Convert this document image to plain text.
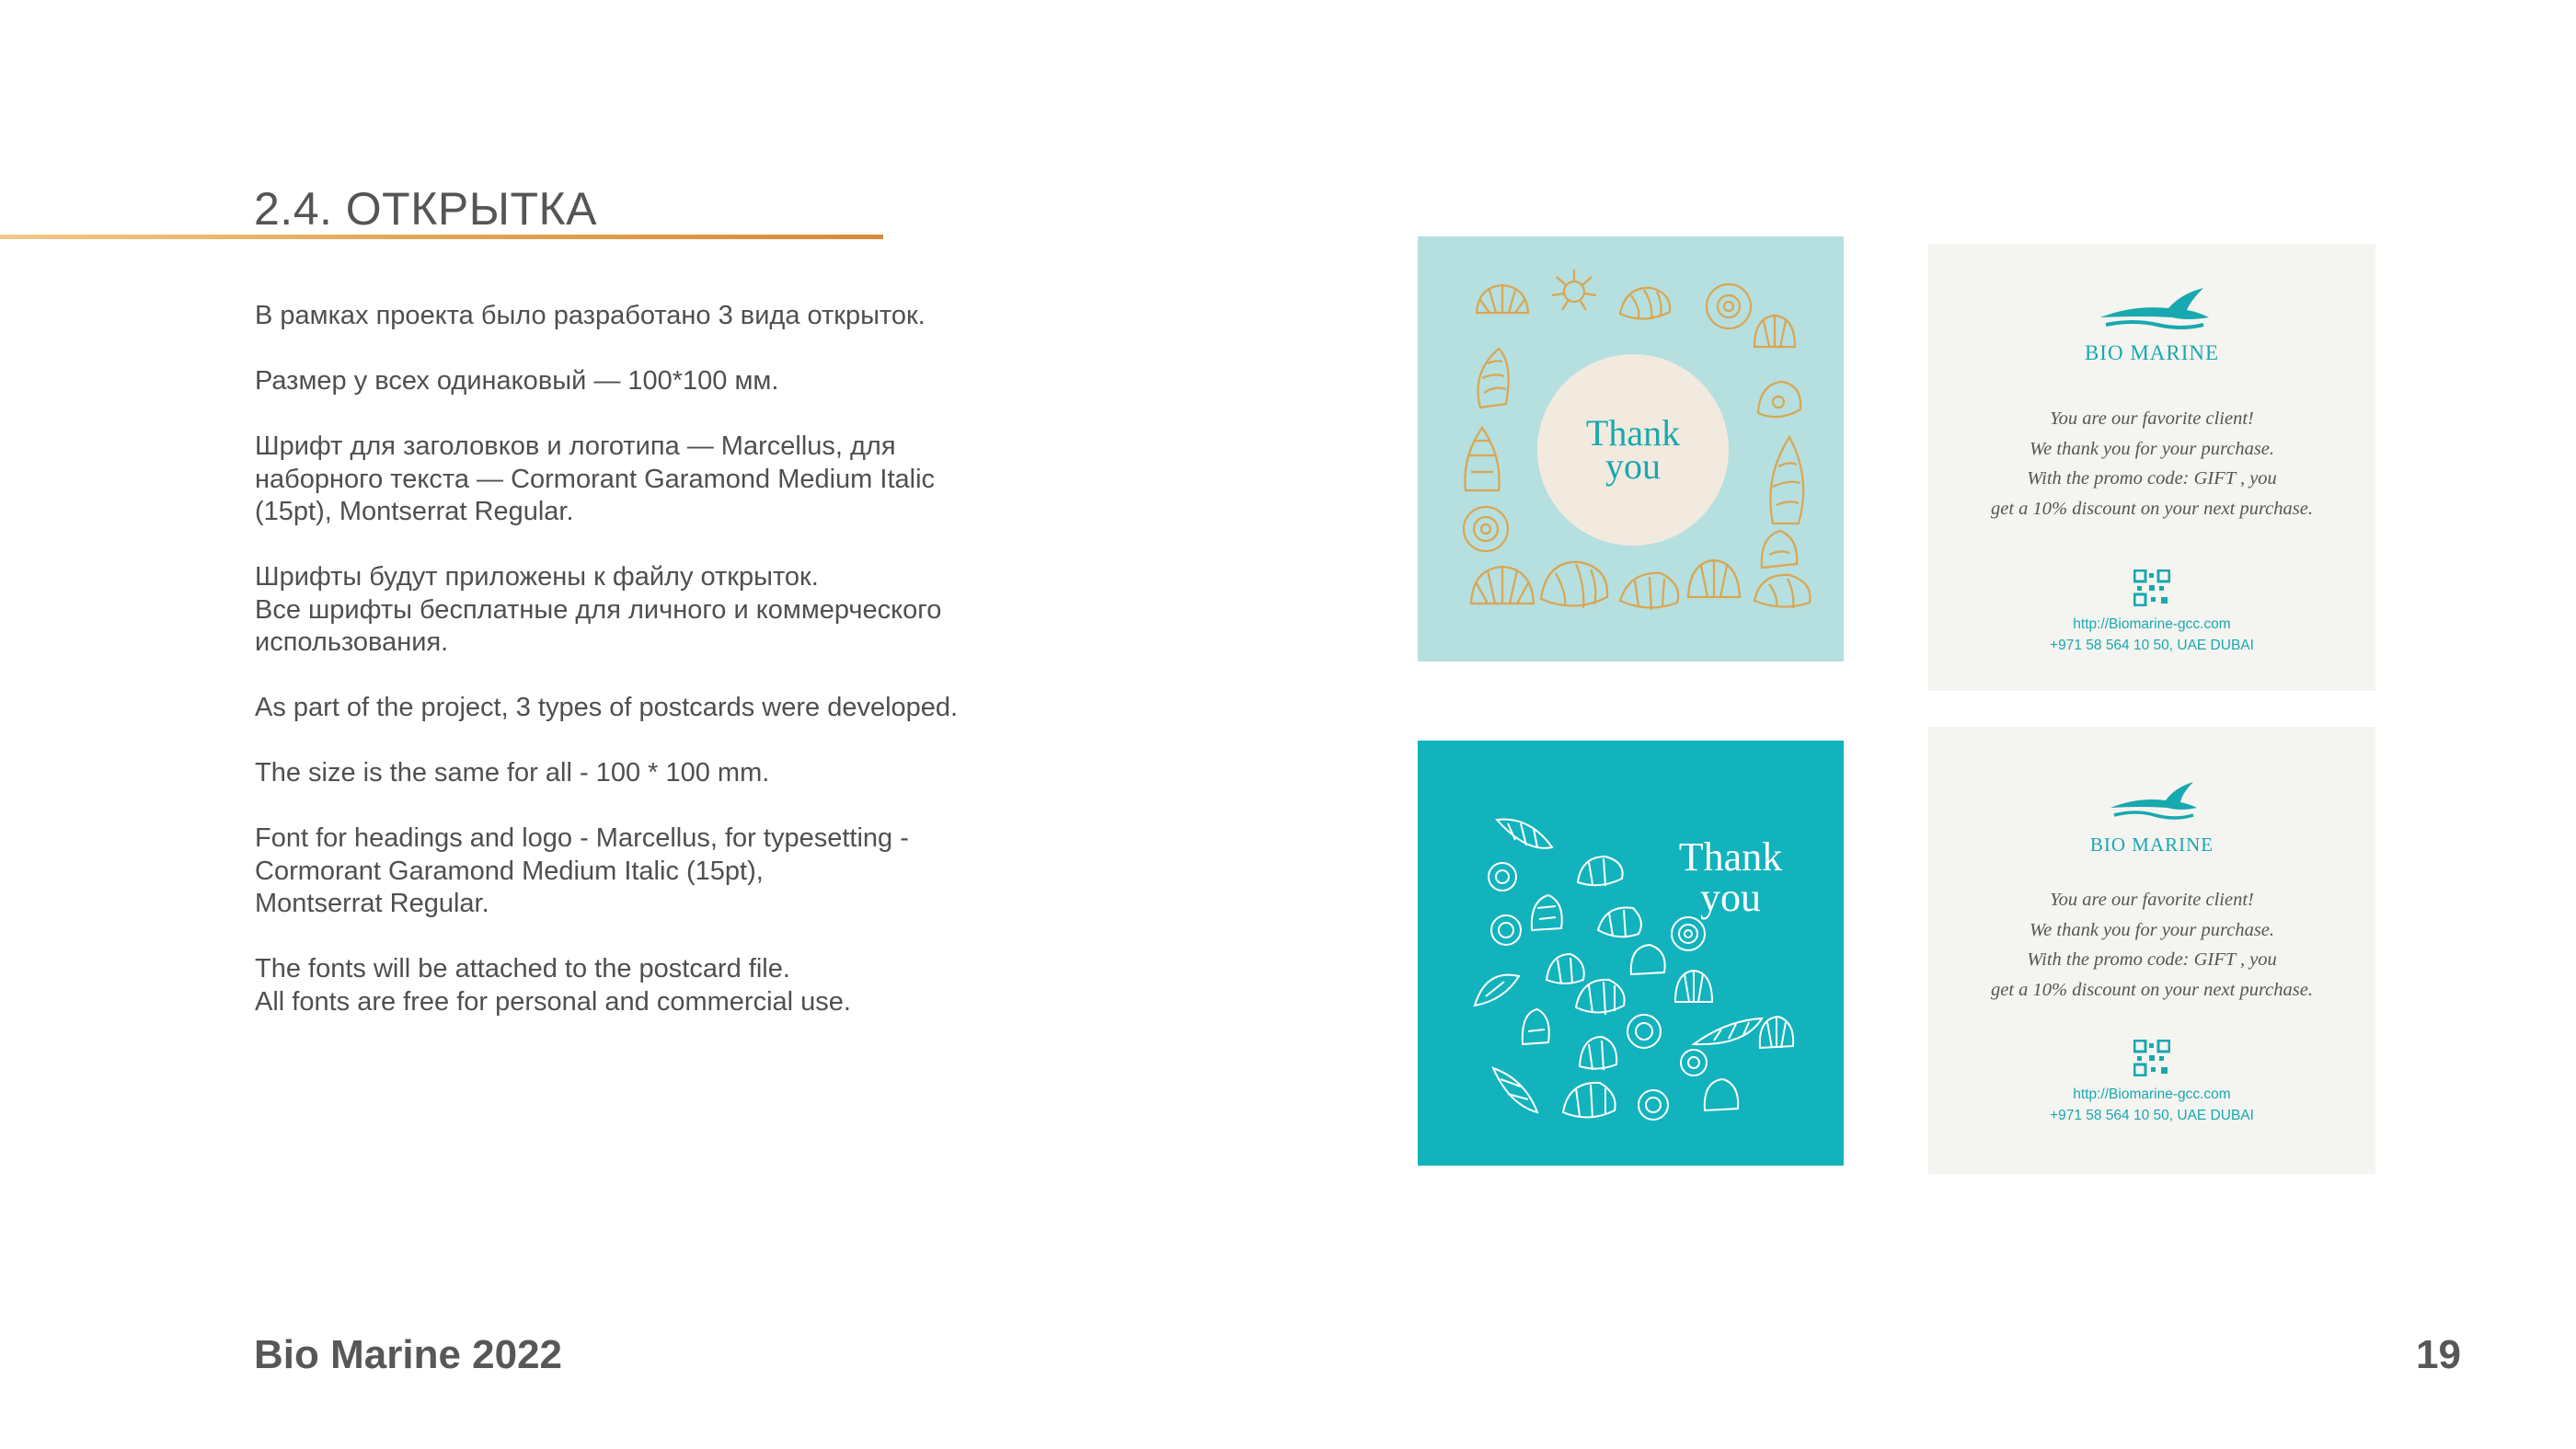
2.4. ОТКРЫТКА

В рамках проекта было разработано 3 вида открыток.

Размер у всех одинаковый — 100*100 мм.

Шрифт для заголовков и логотипа — Marcellus, для
наборного текста — Cormorant Garamond Medium Italic
(15pt), Montserrat Regular.

Шрифты будут приложены к файлу открыток.
Все шрифты бесплатные для личного и коммерческого
использования.

As part of the project, 3 types of postcards were developed.

The size is the same for all - 100 * 100 mm.

Font for headings and logo - Marcellus, for typesetting -
Cormorant Garamond Medium Italic (15pt),
Montserrat Regular.

The fonts will be attached to the postcard file.
All fonts are free for personal and commercial use.

Thank
you
BIO MARINE
You are our favorite client!
We thank you for your purchase.
With the promo code: GIFT , you
get a 10% discount on your next purchase.
http://Biomarine-gcc.com
+971 58 564 10 50, UAE DUBAI
Thank
you
BIO MARINE
You are our favorite client!
We thank you for your purchase.
With the promo code: GIFT , you
get a 10% discount on your next purchase.
http://Biomarine-gcc.com
+971 58 564 10 50, UAE DUBAI
Bio Marine 2022	19
